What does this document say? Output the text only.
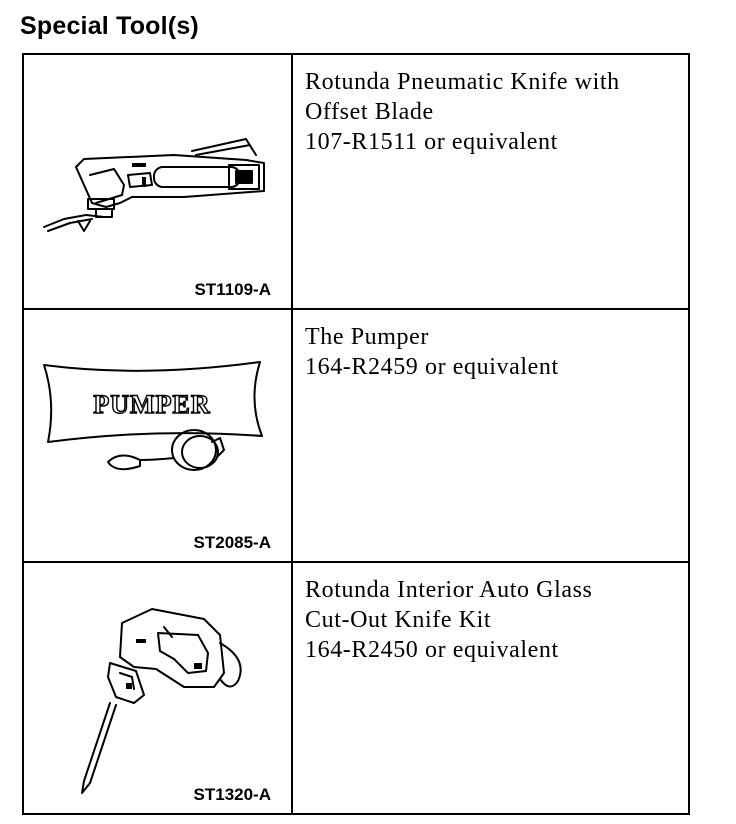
Special Tool(s)
ST1109-A
Rotunda Pneumatic Knife with
Offset Blade
107-R1511 or equivalent
PUMPER
ST2085-A
The Pumper
164-R2459 or equivalent
ST1320-A
Rotunda Interior Auto Glass
Cut-Out Knife Kit
164-R2450 or equivalent
